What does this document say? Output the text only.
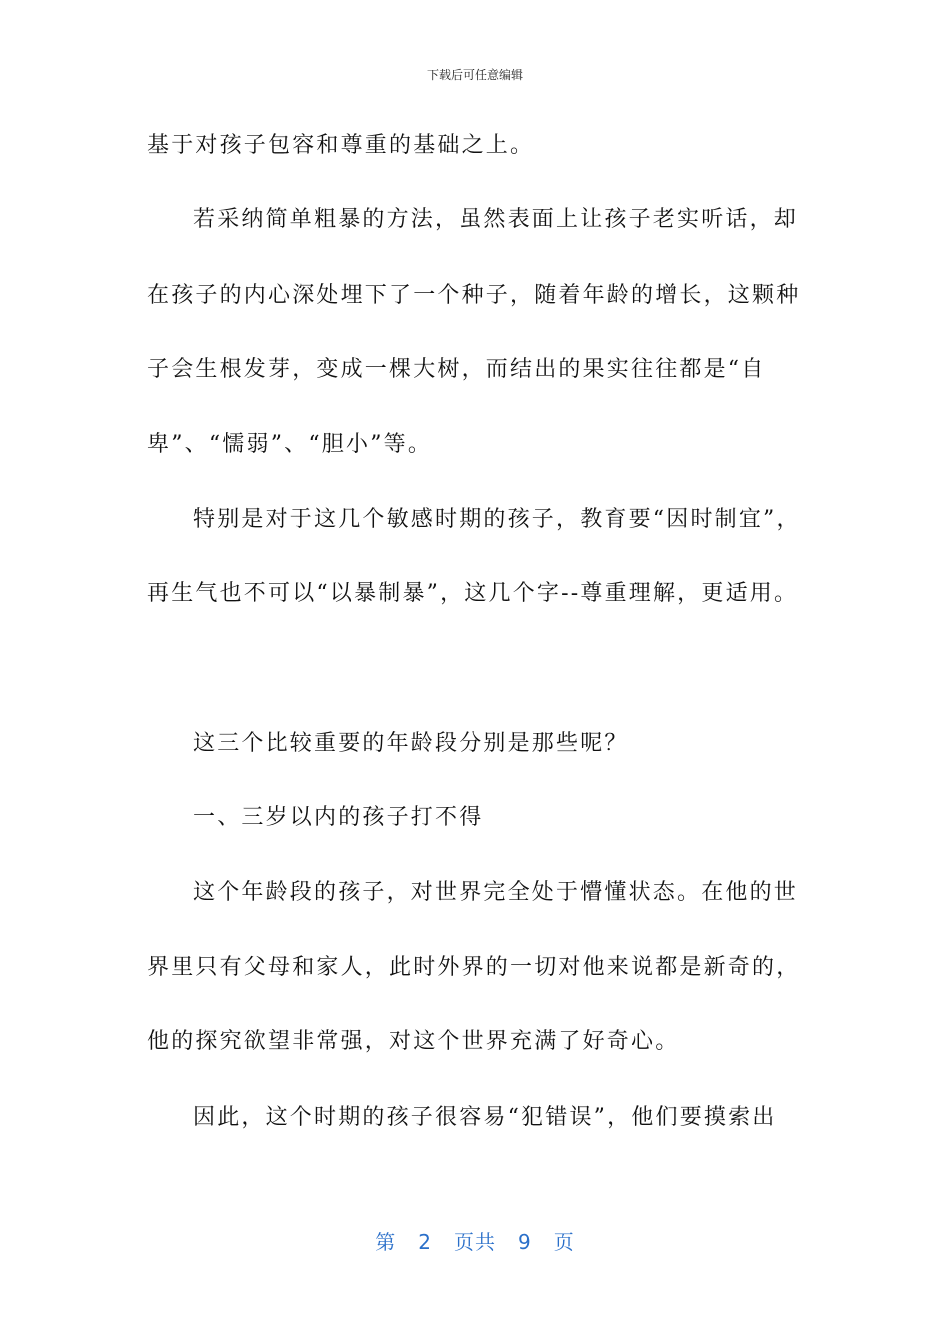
下载后可任意编辑
基于对孩子包容和尊重的基础之上。
若采纳简单粗暴的方法，虽然表面上让孩子老实听话，却
在孩子的内心深处埋下了一个种子，随着年龄的增长，这颗种
子会生根发芽，变成一棵大树，而结出的果实往往都是“自
卑”、“懦弱”、“胆小”等。
特别是对于这几个敏感时期的孩子，教育要“因时制宜”，
再生气也不可以“以暴制暴”，这几个字--尊重理解，更适用。
这三个比较重要的年龄段分别是那些呢？
一、三岁以内的孩子打不得
这个年龄段的孩子，对世界完全处于懵懂状态。在他的世
界里只有父母和家人，此时外界的一切对他来说都是新奇的，
他的探究欲望非常强，对这个世界充满了好奇心。
因此，这个时期的孩子很容易“犯错误”，他们要摸索出
第 2 页共 9 页
